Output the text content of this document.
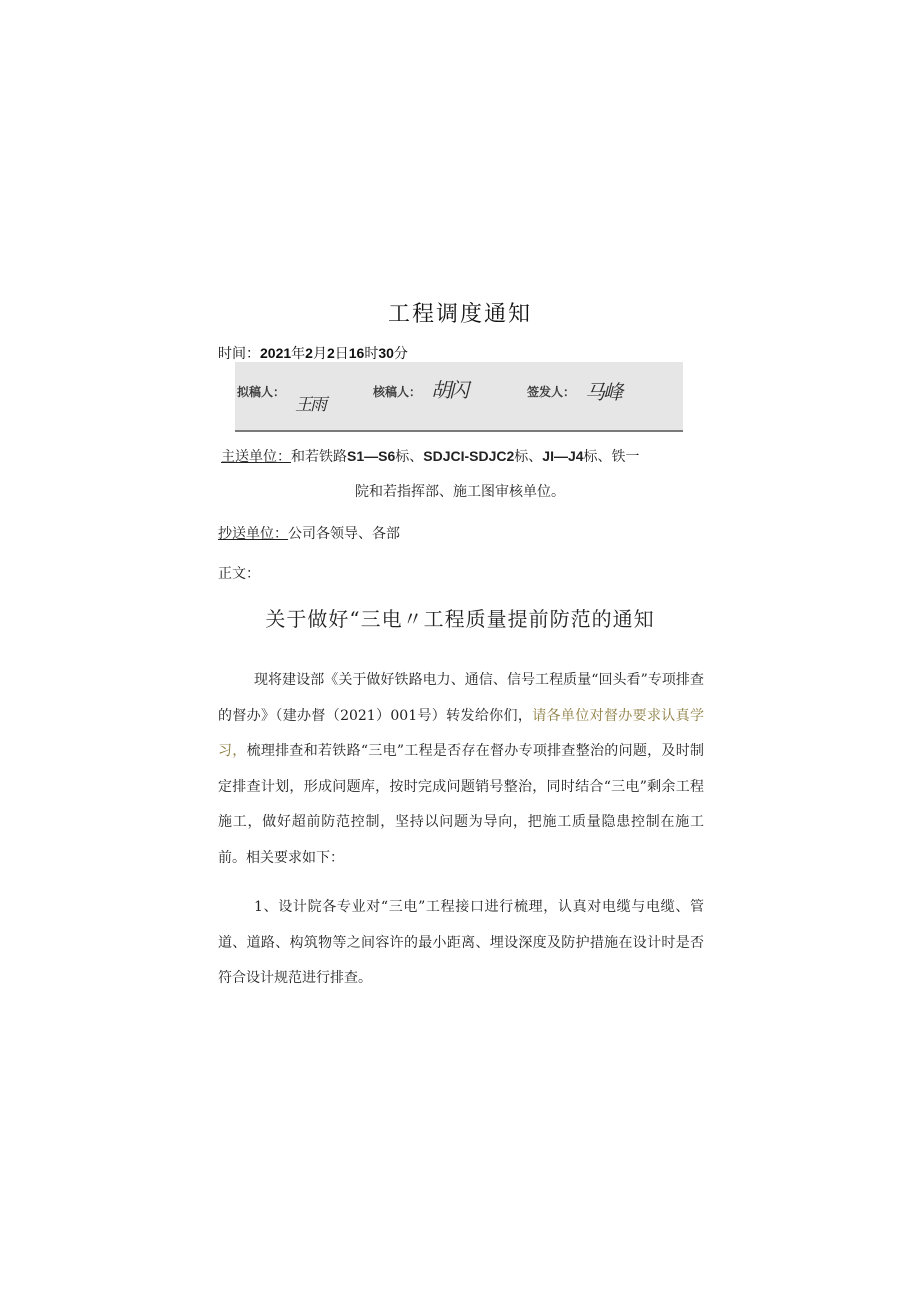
工程调度通知
时间：2021年2月2日16时30分
拟稿人：
王雨
核稿人： 胡闪	签发人： 马峰
主送单位：和若铁路S1—S6标、SDJCI-SDJC2标、JI—J4标、铁一
院和若指挥部、施工图审核单位。
抄送单位：公司各领导、各部
正文：
关于做好“三电〃工程质量提前防范的通知
现将建设部《关于做好铁路电力、通信、信号工程质量“回头看”专项排查的督办》（建办督（2021）001号）转发给你们，请各单位对督办要求认真学习，梳理排查和若铁路“三电”工程是否存在督办专项排查整治的问题，及时制定排查计划，形成问题库，按时完成问题销号整治，同时结合“三电”剩余工程施工，做好超前防范控制，坚持以问题为导向，把施工质量隐患控制在施工前。相关要求如下：
1、设计院各专业对“三电”工程接口进行梳理，认真对电缆与电缆、管道、道路、构筑物等之间容许的最小距离、埋设深度及防护措施在设计时是否符合设计规范进行排查。
